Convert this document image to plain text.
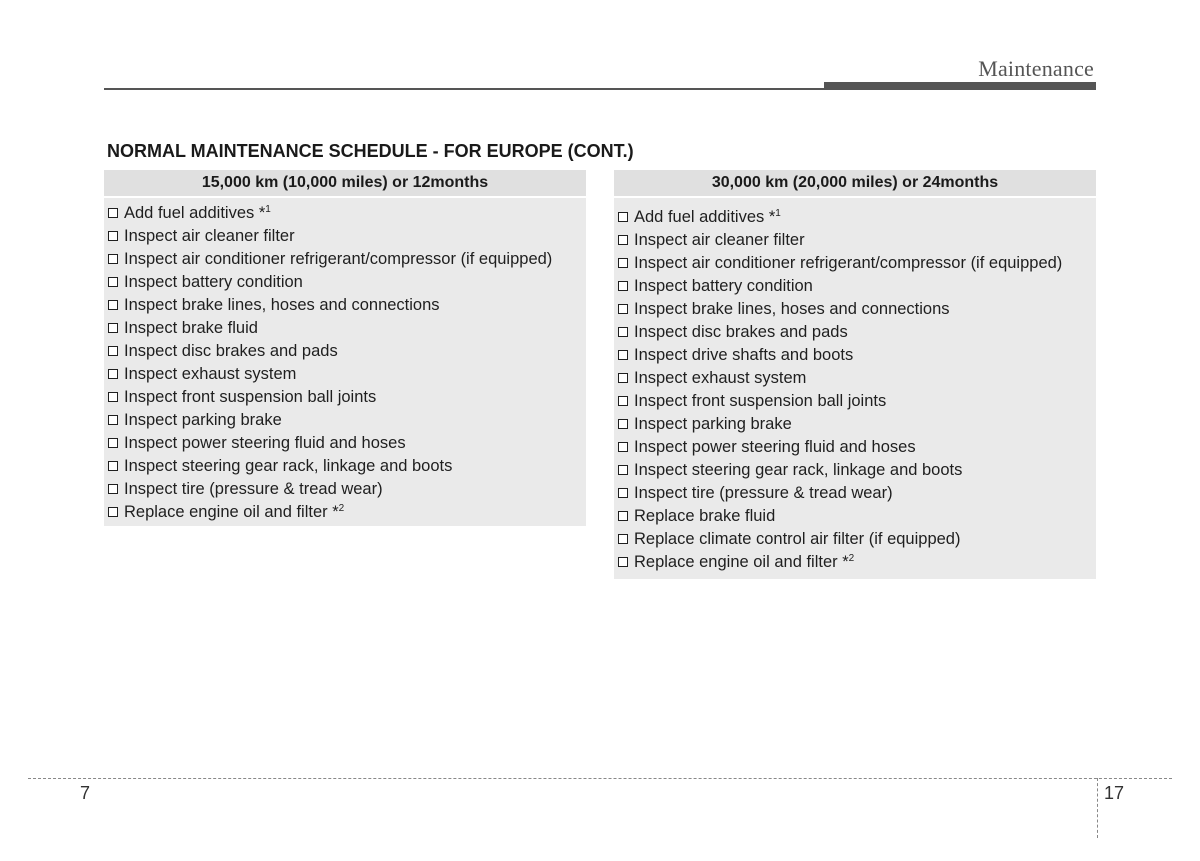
Maintenance
NORMAL MAINTENANCE SCHEDULE - FOR EUROPE (CONT.)
15,000 km (10,000 miles) or 12months
Add fuel additives *$^1$
Inspect air cleaner filter
Inspect air conditioner refrigerant/compressor (if equipped)
Inspect battery condition
Inspect brake lines, hoses and connections
Inspect brake fluid
Inspect disc brakes and pads
Inspect exhaust system
Inspect front suspension ball joints
Inspect parking brake
Inspect power steering fluid and hoses
Inspect steering gear rack, linkage and boots
Inspect tire (pressure & tread wear)
Replace engine oil and filter *$^2$
30,000 km (20,000 miles) or 24months
Add fuel additives *$^1$
Inspect air cleaner filter
Inspect air conditioner refrigerant/compressor (if equipped)
Inspect battery condition
Inspect brake lines, hoses and connections
Inspect disc brakes and pads
Inspect drive shafts and boots
Inspect exhaust system
Inspect front suspension ball joints
Inspect parking brake
Inspect power steering fluid and hoses
Inspect steering gear rack, linkage and boots
Inspect tire (pressure & tread wear)
Replace brake fluid
Replace climate control air filter (if equipped)
Replace engine oil and filter *$^2$
7	17
